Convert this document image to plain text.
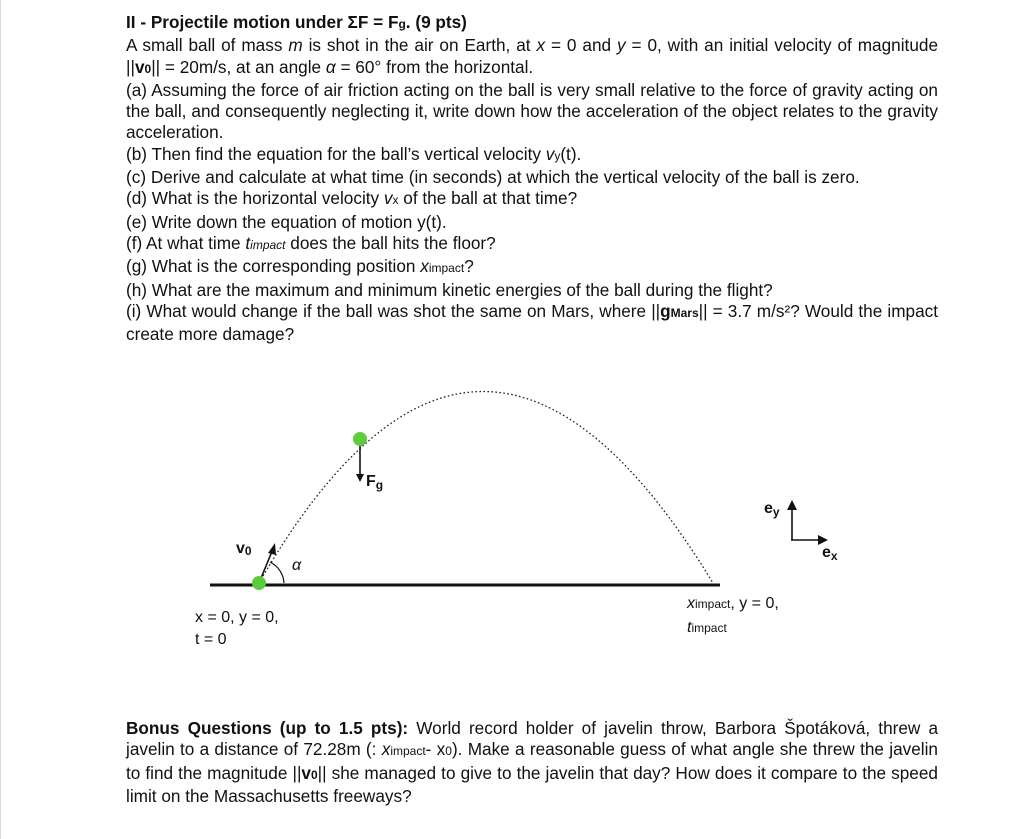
II - Projectile motion under ΣF = Fg. (9 pts)

A small ball of mass m is shot in the air on Earth, at x = 0 and y = 0, with an initial velocity of magnitude ||v0|| = 20m/s, at an angle α = 60° from the horizontal.

(a) Assuming the force of air friction acting on the ball is very small relative to the force of gravity acting on the ball, and consequently neglecting it, write down how the acceleration of the object relates to the gravity acceleration.

(b) Then find the equation for the ball’s vertical velocity vy(t).

(c) Derive and calculate at what time (in seconds) at which the vertical velocity of the ball is zero.

(d) What is the horizontal velocity vx of the ball at that time?

(e) Write down the equation of motion y(t).

(f) At what time timpact does the ball hits the floor?

(g) What is the corresponding position ximpact?

(h) What are the maximum and minimum kinetic energies of the ball during the flight?

(i) What would change if the ball was shot the same on Mars, where ||gMars|| = 3.7 m/s²? Would the impact create more damage?

v0
α
Fg
ey
ex
x = 0, y = 0,
t = 0
ximpact, y = 0,
timpact

Bonus Questions (up to 1.5 pts): World record holder of javelin throw, Barbora Špotáková, threw a javelin to a distance of 72.28m (: ximpact- x0). Make a reasonable guess of what angle she threw the javelin to find the magnitude ||v0|| she managed to give to the javelin that day? How does it compare to the speed limit on the Massachusetts freeways?
